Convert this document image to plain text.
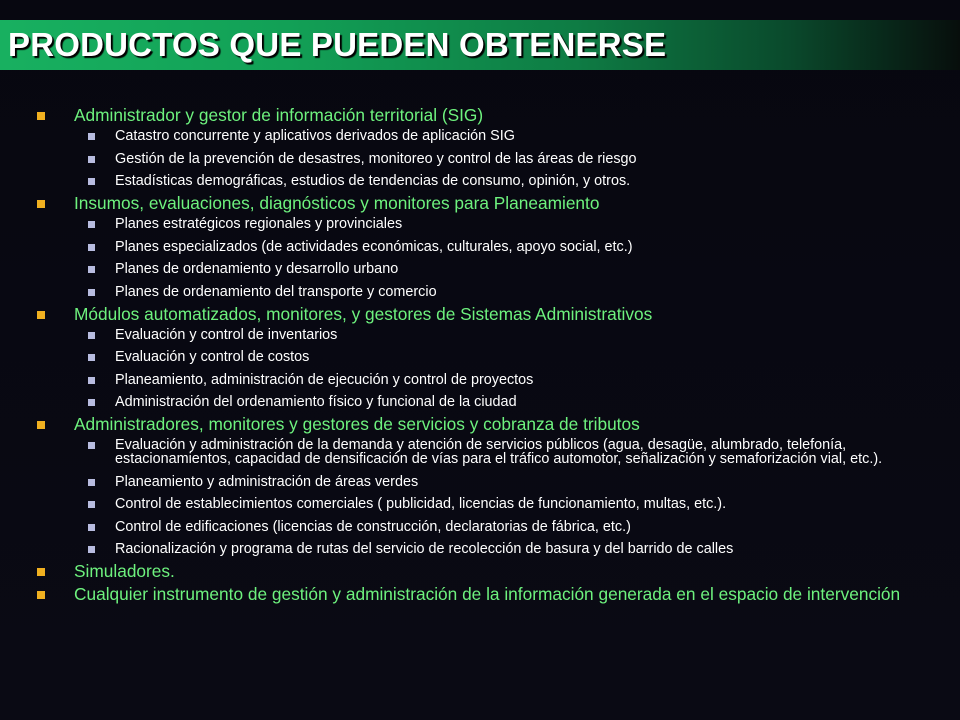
PRODUCTOS QUE PUEDEN OBTENERSE
Administrador y gestor de información territorial (SIG)
Catastro concurrente y aplicativos derivados de aplicación SIG
Gestión de la prevención de desastres, monitoreo y control de las áreas de riesgo
Estadísticas demográficas, estudios de tendencias de consumo, opinión, y otros.
Insumos, evaluaciones, diagnósticos y monitores para Planeamiento
Planes estratégicos regionales y provinciales
Planes especializados (de actividades económicas, culturales, apoyo social, etc.)
Planes de ordenamiento y desarrollo urbano
Planes de ordenamiento del transporte y comercio
Módulos automatizados, monitores, y gestores de Sistemas Administrativos
Evaluación y control de inventarios
Evaluación y control de costos
Planeamiento, administración de ejecución y control de proyectos
Administración del ordenamiento físico y funcional de la ciudad
Administradores, monitores y gestores de servicios y cobranza de tributos
Evaluación y administración de la demanda y atención de servicios públicos (agua, desagüe, alumbrado, telefonía, estacionamientos, capacidad de densificación de vías para el tráfico automotor, señalización y semaforización vial, etc.).
Planeamiento y administración de áreas verdes
Control de establecimientos comerciales ( publicidad, licencias de funcionamiento, multas, etc.).
Control de edificaciones (licencias de construcción, declaratorias de fábrica, etc.)
Racionalización y programa de rutas del servicio de recolección de basura y del barrido de calles
Simuladores.
Cualquier instrumento de gestión y administración de la información generada en el espacio de intervención
